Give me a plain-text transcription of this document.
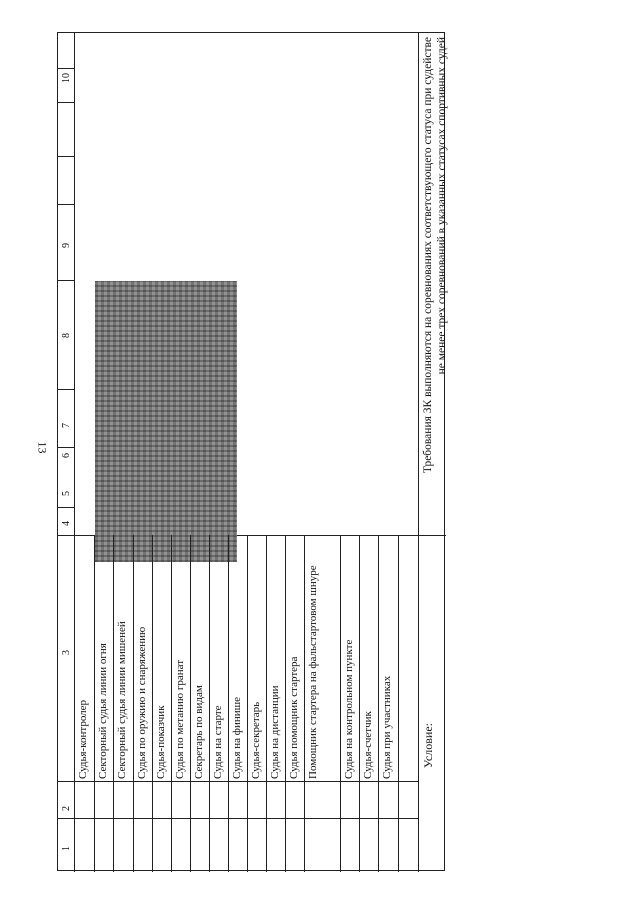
13
1
2
3
4
5
6
7
8
9
10
Судья-контролер Секторный судья линии огня Секторный судья линии мишеней Судья по оружию и снаряжению Судья-показчик Судья по метанию гранат Секретарь по видам Судья на старте Судья на финише Судья-секретарь Судья на дистанции Судья помощник стартера Помощник стартера на фальстартовом шнуре	Судья на контрольном пункте Судья-счетчик Судья при участниках	Условие:
Требования ЗК выполняются на соревнованиях соответствующего статуса при судействе не менее трех соревнований в указанных статусах спортивных судей
